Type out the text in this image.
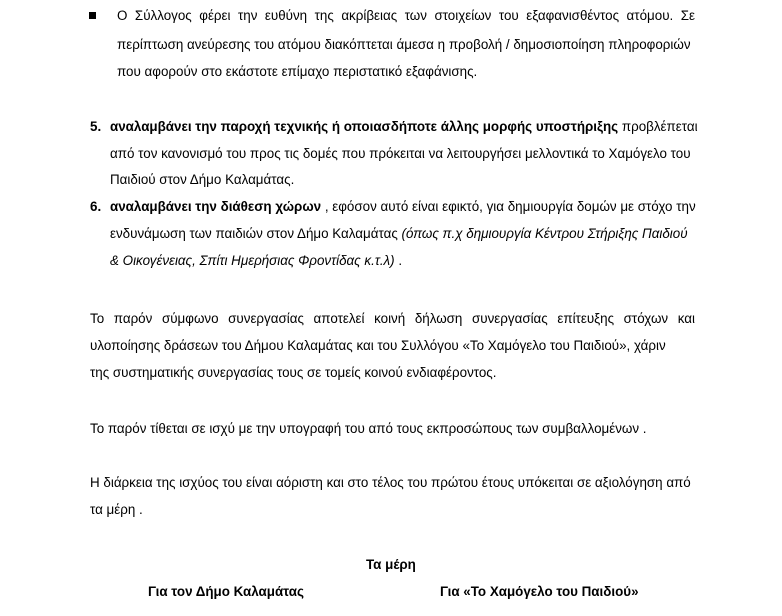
Ο Σύλλογος φέρει την ευθύνη της ακρίβειας των στοιχείων του εξαφανισθέντος ατόμου. Σε
περίπτωση ανεύρεσης του ατόμου διακόπτεται άμεσα η προβολή / δημοσιοποίηση πληροφοριών
που αφορούν στο εκάστοτε επίμαχο περιστατικό εξαφάνισης.
5. αναλαμβάνει την παροχή τεχνικής ή οποιασδήποτε άλλης μορφής υποστήριξης προβλέπεται
από τον κανονισμό του προς τις δομές που πρόκειται να λειτουργήσει μελλοντικά το Χαμόγελο του
Παιδιού στον Δήμο Καλαμάτας.
6. αναλαμβάνει την διάθεση χώρων , εφόσον αυτό είναι εφικτό, για δημιουργία δομών με στόχο την
ενδυνάμωση των παιδιών στον Δήμο Καλαμάτας (όπως π.χ δημιουργία Κέντρου Στήριξης Παιδιού
& Οικογένειας, Σπίτι Ημερήσιας Φροντίδας κ.τ.λ) .
Το παρόν σύμφωνο συνεργασίας αποτελεί κοινή δήλωση συνεργασίας επίτευξης στόχων και
υλοποίησης δράσεων του Δήμου Καλαμάτας και του Συλλόγου «Το Χαμόγελο του Παιδιού», χάριν
της συστηματικής συνεργασίας τους σε τομείς κοινού ενδιαφέροντος.
Το παρόν τίθεται σε ισχύ με την υπογραφή του από τους εκπροσώπους των συμβαλλομένων .
Η διάρκεια της ισχύος του είναι αόριστη και στο τέλος του πρώτου έτους υπόκειται σε αξιολόγηση από
τα μέρη .
Τα μέρη
Για τον Δήμο Καλαμάτας	Για «Το Χαμόγελο του Παιδιού»
